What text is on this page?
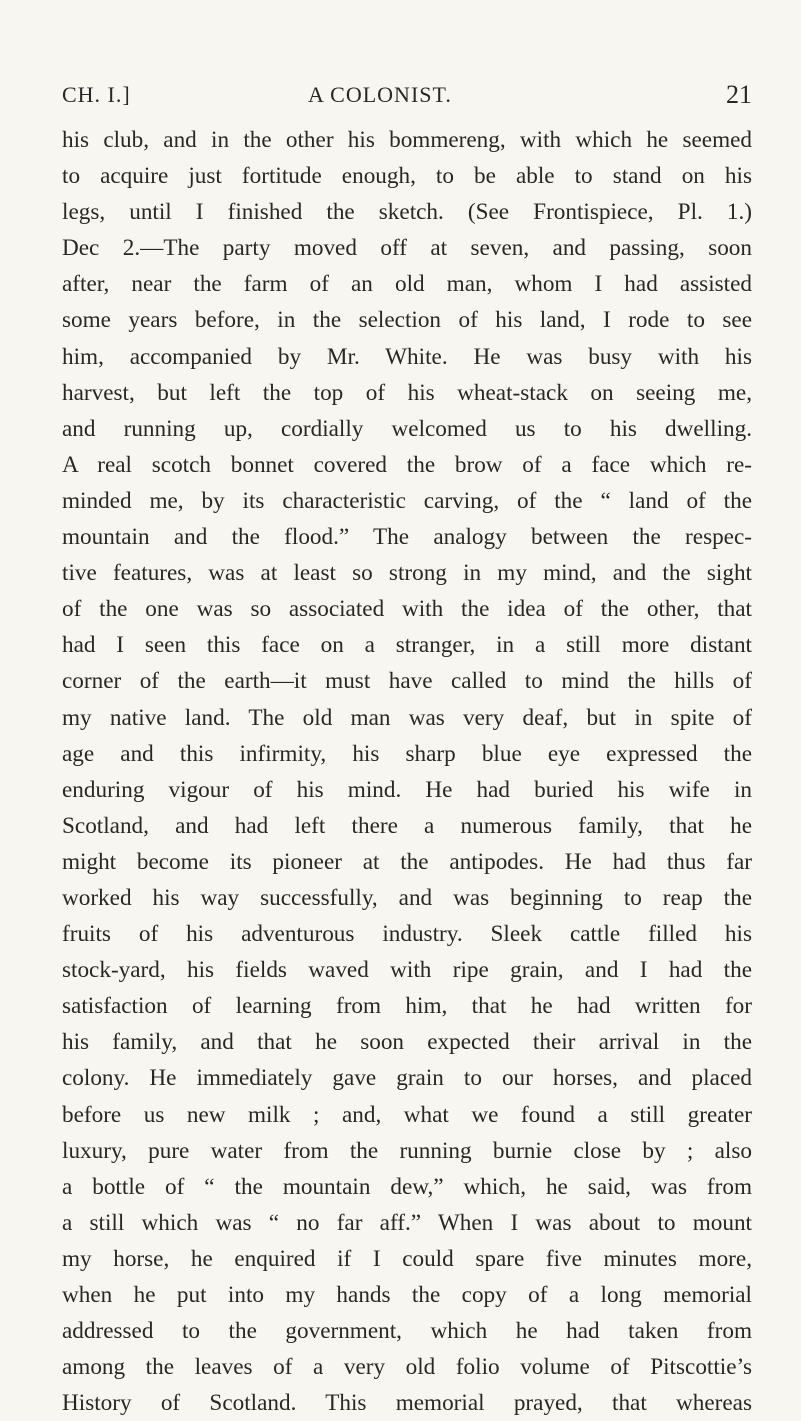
CH. I.]	A COLONIST.	21
his club, and in the other his bommereng, with which he seemed
to acquire just fortitude enough, to be able to stand on his
legs, until I finished the sketch. (See Frontispiece, Pl. 1.)
Dec 2.—The party moved off at seven, and passing, soon
after, near the farm of an old man, whom I had assisted
some years before, in the selection of his land, I rode to see
him, accompanied by Mr. White. He was busy with his
harvest, but left the top of his wheat-stack on seeing me,
and running up, cordially welcomed us to his dwelling.
A real scotch bonnet covered the brow of a face which re-
minded me, by its characteristic carving, of the “ land of the
mountain and the flood.” The analogy between the respec-
tive features, was at least so strong in my mind, and the sight
of the one was so associated with the idea of the other, that
had I seen this face on a stranger, in a still more distant
corner of the earth—it must have called to mind the hills of
my native land. The old man was very deaf, but in spite of
age and this infirmity, his sharp blue eye expressed the
enduring vigour of his mind. He had buried his wife in
Scotland, and had left there a numerous family, that he
might become its pioneer at the antipodes. He had thus far
worked his way successfully, and was beginning to reap the
fruits of his adventurous industry. Sleek cattle filled his
stock-yard, his fields waved with ripe grain, and I had the
satisfaction of learning from him, that he had written for
his family, and that he soon expected their arrival in the
colony. He immediately gave grain to our horses, and placed
before us new milk ; and, what we found a still greater
luxury, pure water from the running burnie close by ; also
a bottle of “ the mountain dew,” which, he said, was from
a still which was “ no far aff.” When I was about to mount
my horse, he enquired if I could spare five minutes more,
when he put into my hands the copy of a long memorial
addressed to the government, which he had taken from
among the leaves of a very old folio volume of Pitscottie’s
History of Scotland. This memorial prayed, that whereas
